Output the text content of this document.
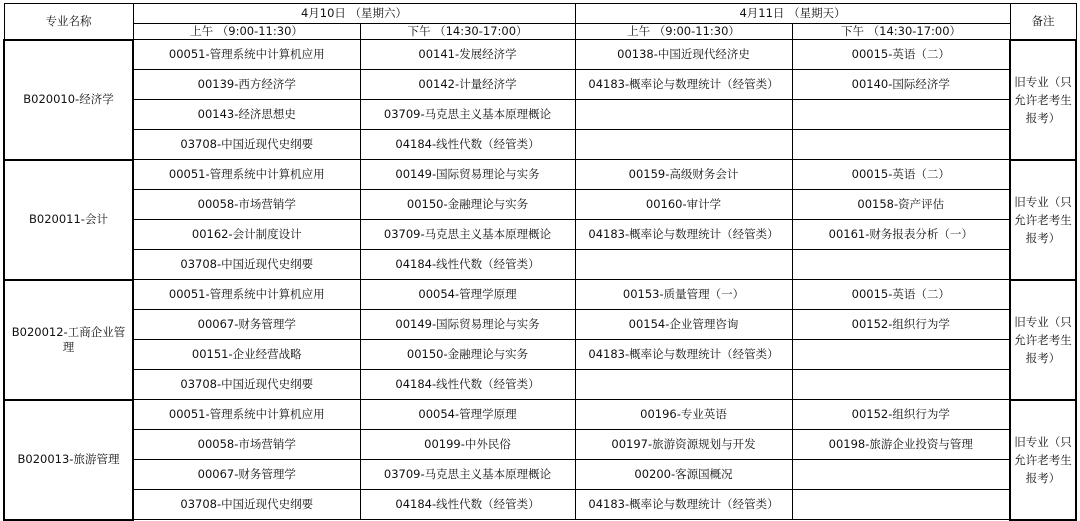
专业名称	4月10日 （星期六）		4月11日 （星期天）		备注
	上午 （9:00-11:30）	下午 （14:30-17:00）	上午 （9:00-11:30）	下午 （14:30-17:00）	
B020010-经济学	00051-管理系统中计算机应用	00141-发展经济学	00138-中国近现代经济史	00015-英语（二）	旧专业（只允许老考生报考）
	00139-西方经济学	00142-计量经济学	04183-概率论与数理统计（经管类）	00140-国际经济学	
	00143-经济思想史	03709-马克思主义基本原理概论			
	03708-中国近现代史纲要	04184-线性代数（经管类）			
B020011-会计	00051-管理系统中计算机应用	00149-国际贸易理论与实务	00159-高级财务会计	00015-英语（二）	旧专业（只允许老考生报考）
	00058-市场营销学	00150-金融理论与实务	00160-审计学	00158-资产评估	
	00162-会计制度设计	03709-马克思主义基本原理概论	04183-概率论与数理统计（经管类）	00161-财务报表分析（一）	
	03708-中国近现代史纲要	04184-线性代数（经管类）			
B020012-工商企业管理	00051-管理系统中计算机应用	00054-管理学原理	00153-质量管理（一）	00015-英语（二）	旧专业（只允许老考生报考）
	00067-财务管理学	00149-国际贸易理论与实务	00154-企业管理咨询	00152-组织行为学	
	00151-企业经营战略	00150-金融理论与实务	04183-概率论与数理统计（经管类）		
	03708-中国近现代史纲要	04184-线性代数（经管类）			
B020013-旅游管理	00051-管理系统中计算机应用	00054-管理学原理	00196-专业英语	00152-组织行为学	旧专业（只允许老考生报考）
	00058-市场营销学	00199-中外民俗	00197-旅游资源规划与开发	00198-旅游企业投资与管理	
	00067-财务管理学	03709-马克思主义基本原理概论	00200-客源国概况		
	03708-中国近现代史纲要	04184-线性代数（经管类）	04183-概率论与数理统计（经管类）		
